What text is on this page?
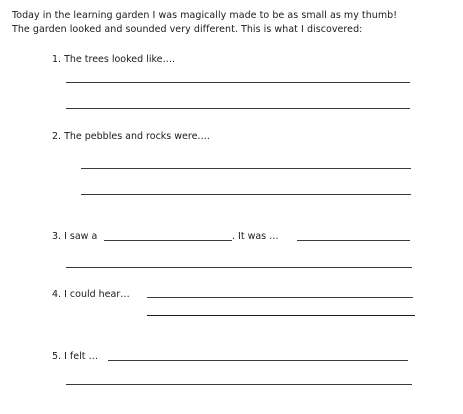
Today in the learning garden I was magically made to be as small as my thumb!
The garden looked and sounded very different. This is what I discovered:
1. The trees looked like….
2. The pebbles and rocks were….
3. I saw a	. It was …
4. I could hear…
5. I felt …
